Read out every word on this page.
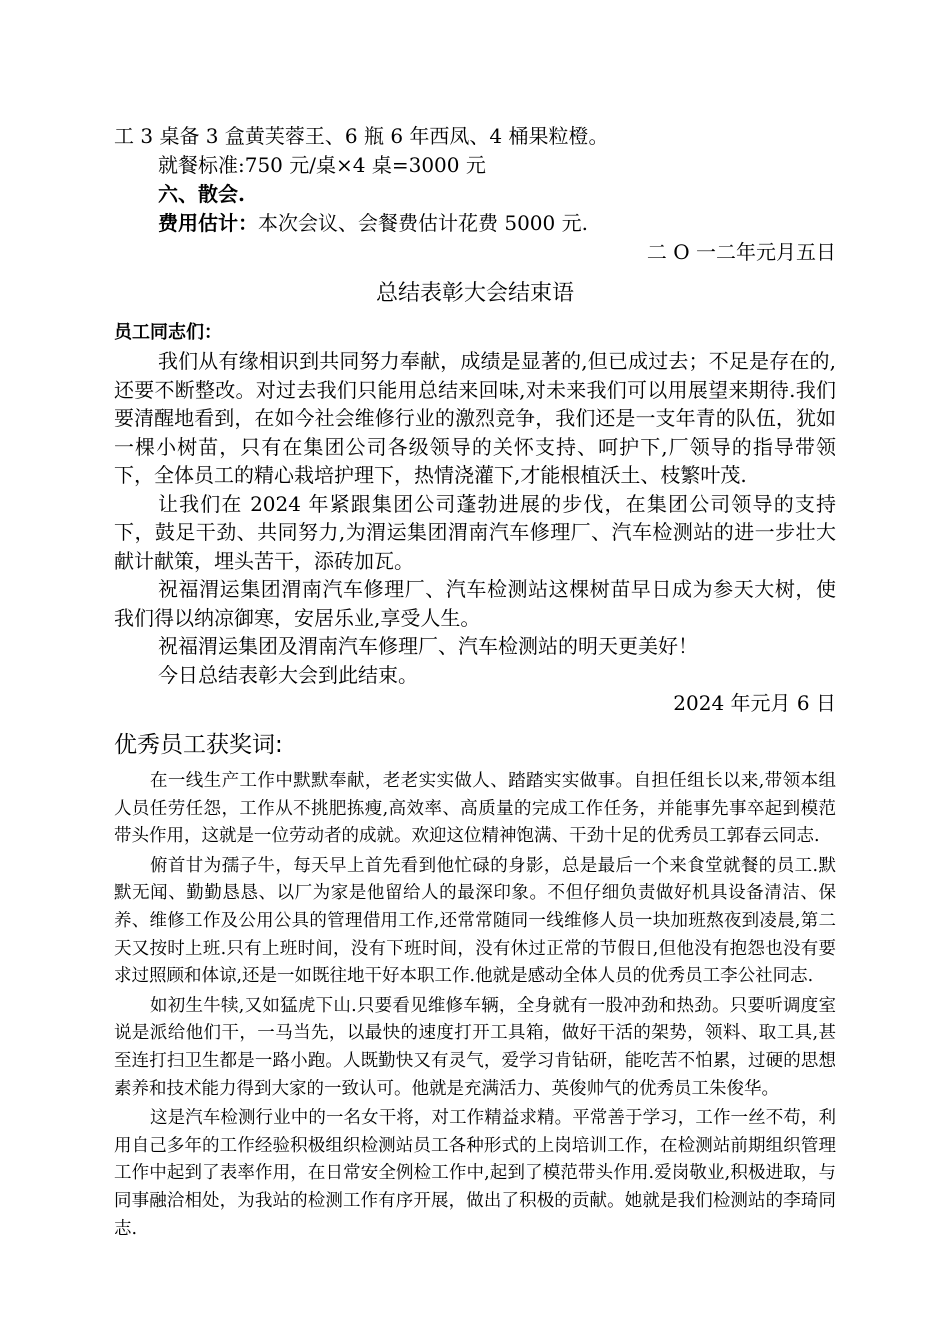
工 3 桌备 3 盒黄芙蓉王、6 瓶 6 年西凤、4 桶果粒橙。
就餐标准:750 元/桌×4 桌=3000 元
六、散会.
费用估计：本次会议、会餐费估计花费 5000 元.
二 O 一二年元月五日
总结表彰大会结束语
员工同志们：

我们从有缘相识到共同努力奉献，成绩是显著的,但已成过去；不足是存在的,还要不断整改。对过去我们只能用总结来回味,对未来我们可以用展望来期待.我们要清醒地看到，在如今社会维修行业的激烈竞争，我们还是一支年青的队伍，犹如一棵小树苗，只有在集团公司各级领导的关怀支持、呵护下,厂领导的指导带领下，全体员工的精心栽培护理下，热情浇灌下,才能根植沃土、枝繁叶茂.

让我们在 2024 年紧跟集团公司蓬勃进展的步伐，在集团公司领导的支持下，鼓足干劲、共同努力,为渭运集团渭南汽车修理厂、汽车检测站的进一步壮大献计献策，埋头苦干，添砖加瓦。

祝福渭运集团渭南汽车修理厂、汽车检测站这棵树苗早日成为参天大树，使我们得以纳凉御寒，安居乐业,享受人生。

祝福渭运集团及渭南汽车修理厂、汽车检测站的明天更美好！

今日总结表彰大会到此结束。

2024 年元月 6 日
优秀员工获奖词:

在一线生产工作中默默奉献，老老实实做人、踏踏实实做事。自担任组长以来,带领本组人员任劳任怨，工作从不挑肥拣瘦,高效率、高质量的完成工作任务，并能事先事卒起到模范带头作用，这就是一位劳动者的成就。欢迎这位精神饱满、干劲十足的优秀员工郭春云同志.

俯首甘为孺子牛，每天早上首先看到他忙碌的身影，总是最后一个来食堂就餐的员工.默默无闻、勤勤恳恳、以厂为家是他留给人的最深印象。不但仔细负责做好机具设备清洁、保养、维修工作及公用公具的管理借用工作,还常常随同一线维修人员一块加班熬夜到凌晨,第二天又按时上班.只有上班时间，没有下班时间，没有休过正常的节假日,但他没有抱怨也没有要求过照顾和体谅,还是一如既往地干好本职工作.他就是感动全体人员的优秀员工李公社同志.

如初生牛犊,又如猛虎下山.只要看见维修车辆，全身就有一股冲劲和热劲。只要听调度室说是派给他们干，一马当先，以最快的速度打开工具箱，做好干活的架势，领料、取工具,甚至连打扫卫生都是一路小跑。人既勤快又有灵气，爱学习肯钻研，能吃苦不怕累，过硬的思想素养和技术能力得到大家的一致认可。他就是充满活力、英俊帅气的优秀员工朱俊华。

这是汽车检测行业中的一名女干将，对工作精益求精。平常善于学习，工作一丝不苟，利用自己多年的工作经验积极组织检测站员工各种形式的上岗培训工作，在检测站前期组织管理工作中起到了表率作用，在日常安全例检工作中,起到了模范带头作用.爱岗敬业,积极进取，与同事融洽相处，为我站的检测工作有序开展，做出了积极的贡献。她就是我们检测站的李琦同志.
